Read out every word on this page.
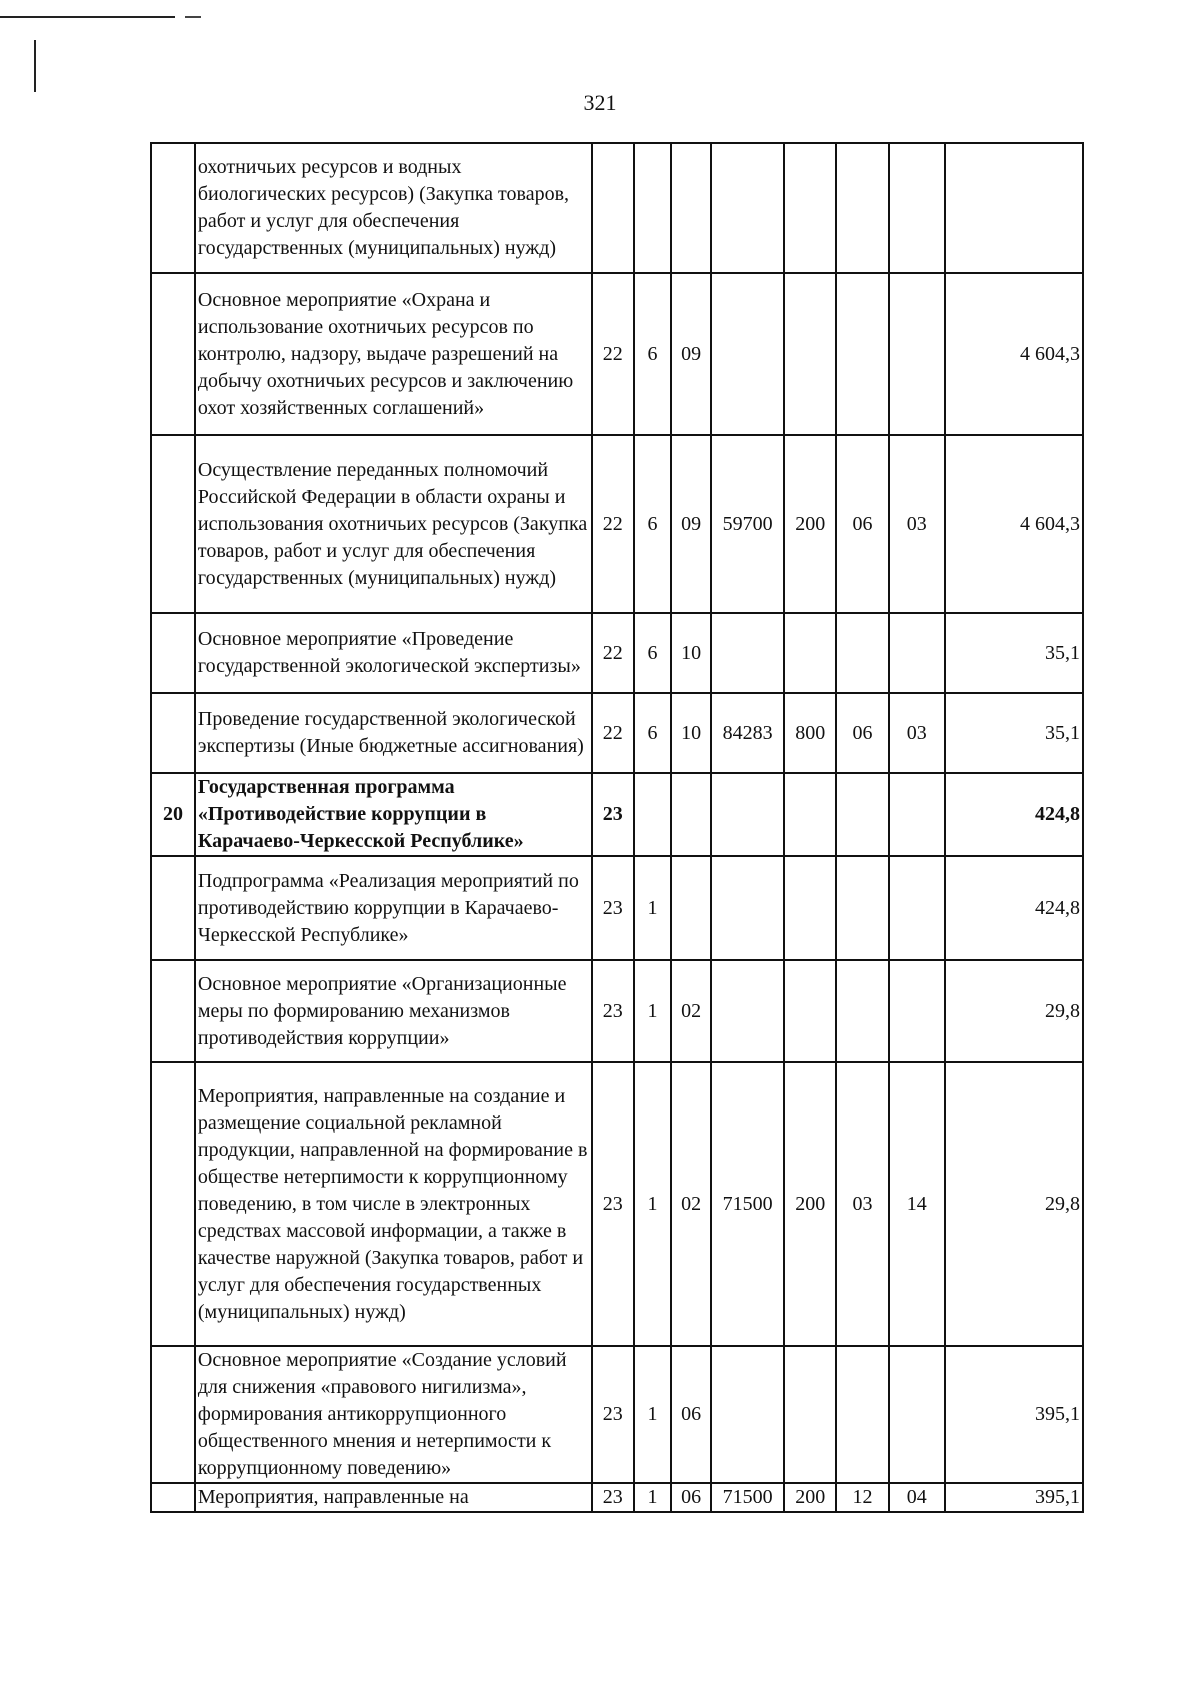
321
	охотничьих ресурсов и водных биологических ресурсов) (Закупка товаров, работ и услуг для обеспечения государственных (муниципальных) нужд)								
	Основное мероприятие «Охрана и использование охотничьих ресурсов по контролю, надзору, выдаче разрешений на добычу охотничьих ресурсов и заключению охот хозяйственных соглашений»	22	6	09					4 604,3
	Осуществление переданных полномочий Российской Федерации в области охраны и использования охотничьих ресурсов (Закупка товаров, работ и услуг для обеспечения государственных (муниципальных) нужд)	22	6	09	59700	200	06	03	4 604,3
	Основное мероприятие «Проведение государственной экологической экспертизы»	22	6	10					35,1
	Проведение государственной экологической экспертизы (Иные бюджетные ассигнования)	22	6	10	84283	800	06	03	35,1
20	Государственная программа «Противодействие коррупции в Карачаево-Черкесской Республике»	23							424,8
	Подпрограмма «Реализация мероприятий по противодействию коррупции в Карачаево-Черкесской Республике»	23	1						424,8
	Основное мероприятие «Организационные меры по формированию механизмов противодействия коррупции»	23	1	02					29,8
	Мероприятия, направленные на создание и размещение социальной рекламной продукции, направленной на формирование в обществе нетерпимости к коррупционному поведению, в том числе в электронных средствах массовой информации, а также в качестве наружной (Закупка товаров, работ и услуг для обеспечения государственных (муниципальных) нужд)	23	1	02	71500	200	03	14	29,8
	Основное мероприятие «Создание условий для снижения «правового нигилизма», формирования антикоррупционного общественного мнения и нетерпимости к коррупционному поведению»	23	1	06					395,1
	Мероприятия, направленные на	23	1	06	71500	200	12	04	395,1
